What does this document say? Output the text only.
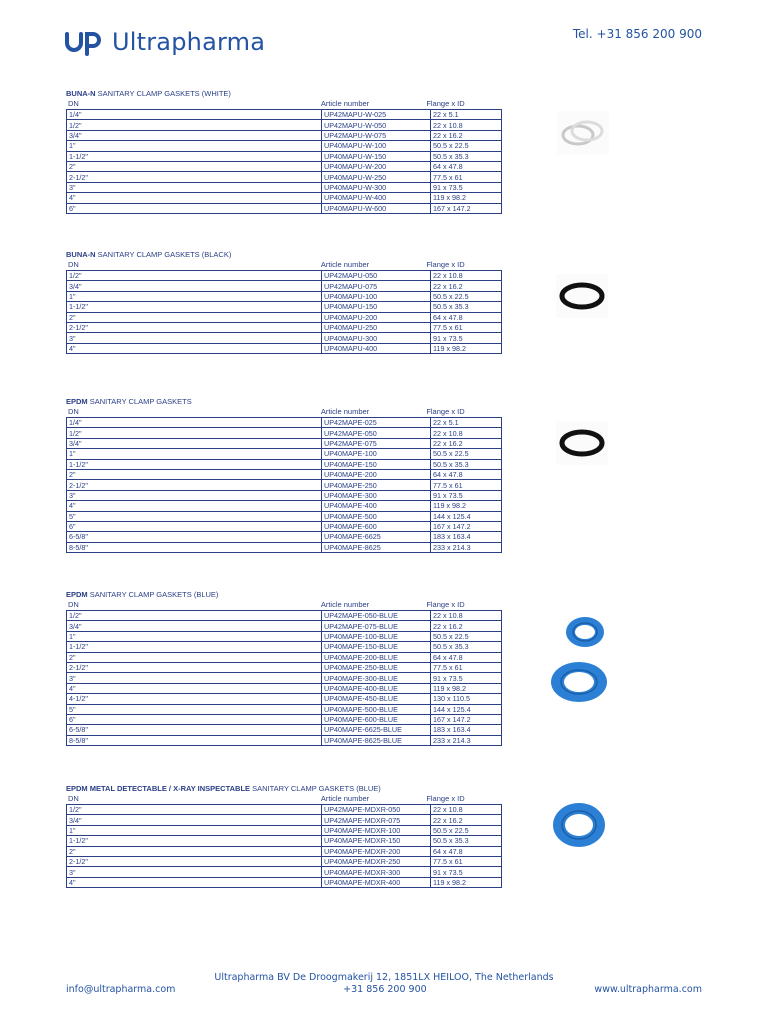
Ultrapharma	Tel. +31 856 200 900
BUNA-N SANITARY CLAMP GASKETS (WHITE)
DN	Article number	Flange x ID
1/4"	UP42MAPU-W-025	22 x 5.1
1/2"	UP42MAPU-W-050	22 x 10.8
3/4"	UP42MAPU-W-075	22 x 16.2
1"	UP40MAPU-W-100	50.5 x 22.5
1-1/2"	UP40MAPU-W-150	50.5 x 35.3
2"	UP40MAPU-W-200	64 x 47.8
2-1/2"	UP40MAPU-W-250	77.5 x 61
3"	UP40MAPU-W-300	91 x 73.5
4"	UP40MAPU-W-400	119 x 98.2
6"	UP40MAPU-W-600	167 x 147.2
BUNA-N SANITARY CLAMP GASKETS (BLACK)
DN	Article number	Flange x ID
1/2"	UP42MAPU-050	22 x 10.8
3/4"	UP42MAPU-075	22 x 16.2
1"	UP40MAPU-100	50.5 x 22.5
1-1/2"	UP40MAPU-150	50.5 x 35.3
2"	UP40MAPU-200	64 x 47.8
2-1/2"	UP40MAPU-250	77.5 x 61
3"	UP40MAPU-300	91 x 73.5
4"	UP40MAPU-400	119 x 98.2
EPDM SANITARY CLAMP GASKETS
DN	Article number	Flange x ID
1/4"	UP42MAPE-025	22 x 5.1
1/2"	UP42MAPE-050	22 x 10.8
3/4"	UP42MAPE-075	22 x 16.2
1"	UP40MAPE-100	50.5 x 22.5
1-1/2"	UP40MAPE-150	50.5 x 35.3
2"	UP40MAPE-200	64 x 47.8
2-1/2"	UP40MAPE-250	77.5 x 61
3"	UP40MAPE-300	91 x 73.5
4"	UP40MAPE-400	119 x 98.2
5"	UP40MAPE-500	144 x 125.4
6"	UP40MAPE-600	167 x 147.2
6-5/8"	UP40MAPE-6625	183 x 163.4
8-5/8"	UP40MAPE-8625	233 x 214.3
EPDM SANITARY CLAMP GASKETS (BLUE)
DN	Article number	Flange x ID
1/2"	UP42MAPE-050-BLUE	22 x 10.8
3/4"	UP42MAPE-075-BLUE	22 x 16.2
1"	UP40MAPE-100-BLUE	50.5 x 22.5
1-1/2"	UP40MAPE-150-BLUE	50.5 x 35.3
2"	UP40MAPE-200-BLUE	64 x 47.8
2-1/2"	UP40MAPE-250-BLUE	77.5 x 61
3"	UP40MAPE-300-BLUE	91 x 73.5
4"	UP40MAPE-400-BLUE	119 x 98.2
4-1/2"	UP40MAPE-450-BLUE	130 x 110.5
5"	UP40MAPE-500-BLUE	144 x 125.4
6"	UP40MAPE-600-BLUE	167 x 147.2
6-5/8"	UP40MAPE-6625-BLUE	183 x 163.4
8-5/8"	UP40MAPE-8625-BLUE	233 x 214.3
EPDM METAL DETECTABLE / X-RAY INSPECTABLE SANITARY CLAMP GASKETS (BLUE)
DN	Article number	Flange x ID
1/2"	UP42MAPE-MDXR-050	22 x 10.8
3/4"	UP42MAPE-MDXR-075	22 x 16.2
1"	UP40MAPE-MDXR-100	50.5 x 22.5
1-1/2"	UP40MAPE-MDXR-150	50.5 x 35.3
2"	UP40MAPE-MDXR-200	64 x 47.8
2-1/2"	UP40MAPE-MDXR-250	77.5 x 61
3"	UP40MAPE-MDXR-300	91 x 73.5
4"	UP40MAPE-MDXR-400	119 x 98.2
Ultrapharma BV De Droogmakerij 12, 1851LX HEILOO, The Netherlands
info@ultrapharma.com	+31 856 200 900	www.ultrapharma.com
